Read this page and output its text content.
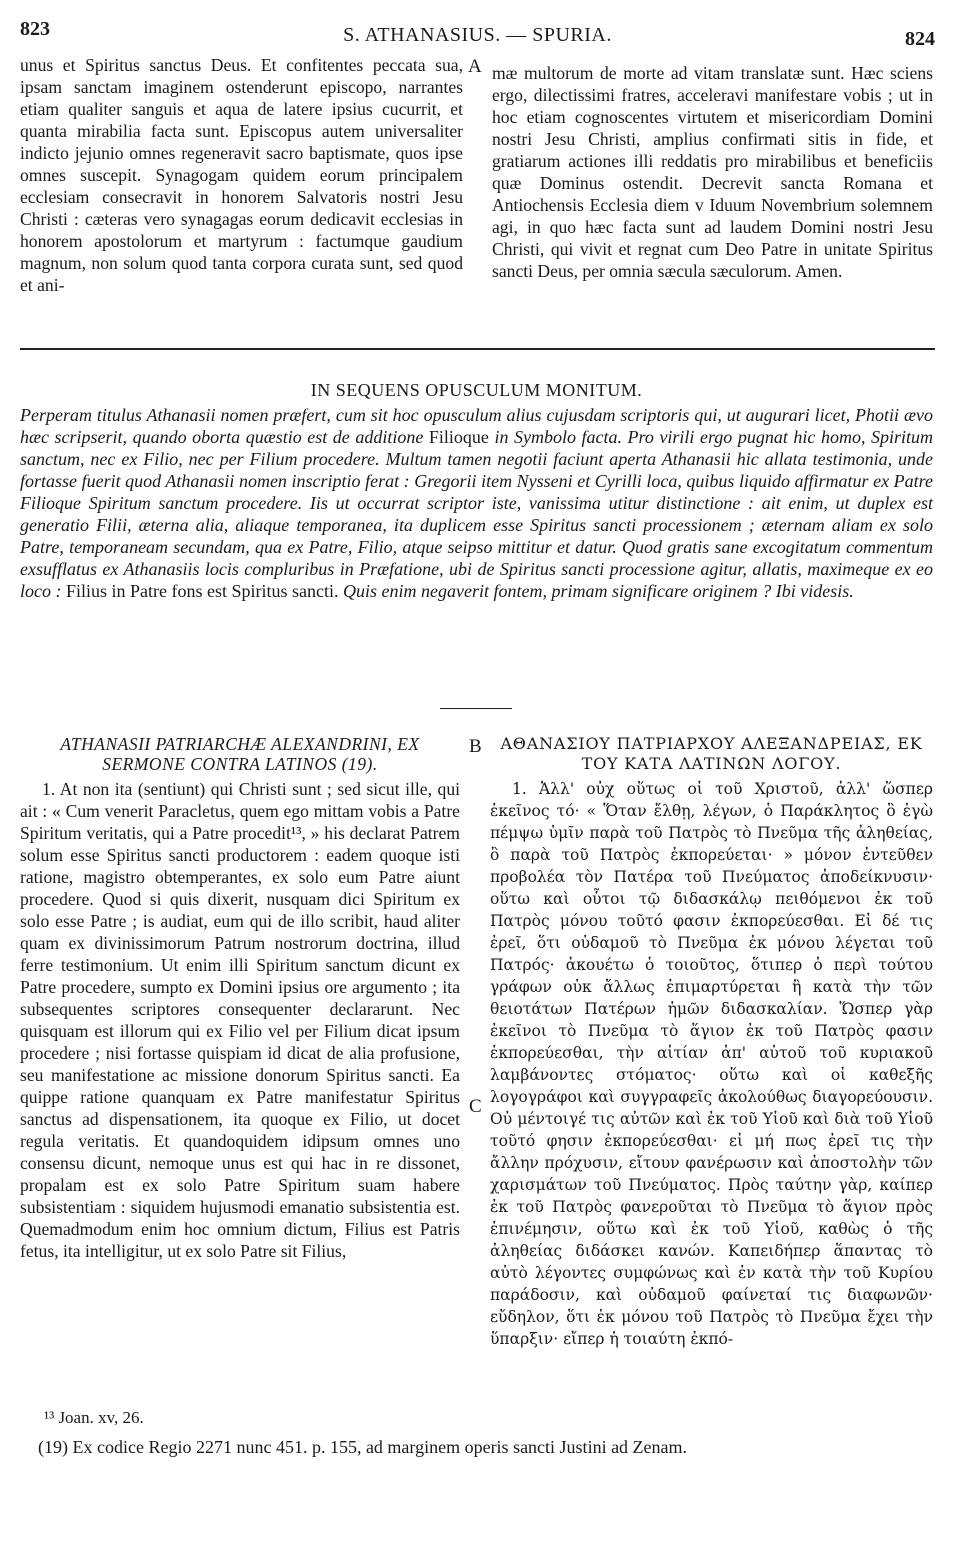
823	S. ATHANASIUS. — SPURIA.	824

unus et Spiritus sanctus Deus. Et confitentes peccata sua, ipsam sanctam imaginem ostenderunt episcopo, narrantes etiam qualiter sanguis et aqua de latere ipsius cucurrit, et quanta mirabilia facta sunt. Episcopus autem universaliter indicto jejunio omnes regeneravit sacro baptismate, quos ipse omnes suscepit. Synagogam quidem eorum principalem ecclesiam consecravit in honorem Salvatoris nostri Jesu Christi : cæteras vero synagagas eorum dedicavit ecclesias in honorem apostolorum et martyrum : factumque gaudium magnum, non solum quod tanta corpora curata sunt, sed quod et ani-

A mæ multorum de morte ad vitam translatæ sunt. Hæc sciens ergo, dilectissimi fratres, acceleravi manifestare vobis ; ut in hoc etiam cognoscentes virtutem et misericordiam Domini nostri Jesu Christi, amplius confirmati sitis in fide, et gratiarum actiones illi reddatis pro mirabilibus et beneficiis quæ Dominus ostendit. Decrevit sancta Romana et Antiochensis Ecclesia diem v Iduum Novembrium solemnem agi, in quo hæc facta sunt ad laudem Domini nostri Jesu Christi, qui vivit et regnat cum Deo Patre in unitate Spiritus sancti Deus, per omnia sæcula sæculorum. Amen.

IN SEQUENS OPUSCULUM MONITUM.
Perperam titulus Athanasii nomen præfert, cum sit hoc opusculum alius cujusdam scriptoris qui, ut augurari licet, Photii ævo hæc scripserit, quando oborta quæstio est de additione Filioque in Symbolo facta. Pro virili ergo pugnat hic homo, Spiritum sanctum, nec ex Filio, nec per Filium procedere. Multum tamen negotii faciunt aperta Athanasii hic allata testimonia, unde fortasse fuerit quod Athanasii nomen inscriptio ferat : Gregorii item Nysseni et Cyrilli loca, quibus liquido affirmatur ex Patre Filioque Spiritum sanctum procedere. Iis ut occurrat scriptor iste, vanissima utitur distinctione : ait enim, ut duplex est generatio Filii, æterna alia, aliaque temporanea, ita duplicem esse Spiritus sancti processionem ; æternam aliam ex solo Patre, temporaneam secundam, qua ex Patre, Filio, atque seipso mittitur et datur. Quod gratis sane excogitatum commentum exsufflatus ex Athanasiis locis compluribus in Præfatione, ubi de Spiritus sancti processione agitur, allatis, maximeque ex eo loco : Filius in Patre fons est Spiritus sancti. Quis enim negaverit fontem, primam significare originem ? Ibi videsis.
ATHANASII PATRIARCHÆ ALEXANDRINI, EX SERMONE CONTRA LATINOS (19).

1. At non ita (sentiunt) qui Christi sunt ; sed sicut ille, qui ait : « Cum venerit Paracletus, quem ego mittam vobis a Patre Spiritum veritatis, qui a Patre procedit¹³, » his declarat Patrem solum esse Spiritus sancti productorem : eadem quoque isti ratione, magistro obtemperantes, ex solo eum Patre aiunt procedere. Quod si quis dixerit, nusquam dici Spiritum ex solo esse Patre ; is audiat, eum qui de illo scribit, haud aliter quam ex divinissimorum Patrum nostrorum doctrina, illud ferre testimonium. Ut enim illi Spiritum sanctum dicunt ex Patre procedere, sumpto ex Domini ipsius ore argumento ; ita subsequentes scriptores consequenter declararunt. Nec quisquam est illorum qui ex Filio vel per Filium dicat ipsum procedere ; nisi fortasse quispiam id dicat de alia profusione, seu manifestatione ac missione donorum Spiritus sancti. Ea quippe ratione quanquam ex Patre manifestatur Spiritus sanctus ad dispensationem, ita quoque ex Filio, ut docet regula veritatis. Et quandoquidem idipsum omnes uno consensu dicunt, nemoque unus est qui hac in re dissonet, propalam est ex solo Patre Spiritum suam habere subsistentiam : siquidem hujusmodi emanatio subsistentia est. Quemadmodum enim hoc omnium dictum, Filius est Patris fetus, ita intelligitur, ut ex solo Patre sit Filius,

B
C
ΑΘΑΝΑΣΙΟΥ ΠΑΤΡΙΑΡΧΟΥ ΑΛΕΞΑΝΔΡΕΙΑΣ, ΕΚ ΤΟΥ ΚΑΤΑ ΛΑΤΙΝΩΝ ΛΟΓΟΥ.

1. Ἀλλ' οὐχ οὕτως οἱ τοῦ Χριστοῦ, ἀλλ' ὥσπερ ἐκεῖνος τό· « Ὅταν ἔλθῃ, λέγων, ὁ Παράκλητος ὃ ἐγὼ πέμψω ὑμῖν παρὰ τοῦ Πατρὸς τὸ Πνεῦμα τῆς ἀληθείας, ὃ παρὰ τοῦ Πατρὸς ἐκπορεύεται· » μόνον ἐντεῦθεν προβολέα τὸν Πατέρα τοῦ Πνεύματος ἀποδείκνυσιν· οὕτω καὶ οὗτοι τῷ διδασκάλῳ πειθόμενοι ἐκ τοῦ Πατρὸς μόνου τοῦτό φασιν ἐκπορεύεσθαι. Εἰ δέ τις ἐρεῖ, ὅτι οὐδαμοῦ τὸ Πνεῦμα ἐκ μόνου λέγεται τοῦ Πατρός· ἀκουέτω ὁ τοιοῦτος, ὅτιπερ ὁ περὶ τούτου γράφων οὐκ ἄλλως ἐπιμαρτύρεται ἢ κατὰ τὴν τῶν θειοτάτων Πατέρων ἡμῶν διδασκαλίαν. Ὥσπερ γὰρ ἐκεῖνοι τὸ Πνεῦμα τὸ ἅγιον ἐκ τοῦ Πατρὸς φασιν ἐκπορεύεσθαι, τὴν αἰτίαν ἀπ' αὐτοῦ τοῦ κυριακοῦ λαμβάνοντες στόματος· οὕτω καὶ οἱ καθεξῆς λογογράφοι καὶ συγγραφεῖς ἀκολούθως διαγορεύουσιν. Οὐ μέντοιγέ τις αὐτῶν καὶ ἐκ τοῦ Υἱοῦ καὶ διὰ τοῦ Υἱοῦ τοῦτό φησιν ἐκπορεύεσθαι· εἰ μή πως ἐρεῖ τις τὴν ἄλλην πρόχυσιν, εἴτουν φανέρωσιν καὶ ἀποστολὴν τῶν χαρισμάτων τοῦ Πνεύματος. Πρὸς ταύτην γὰρ, καίπερ ἐκ τοῦ Πατρὸς φανεροῦται τὸ Πνεῦμα τὸ ἅγιον πρὸς ἐπινέμησιν, οὕτω καὶ ἐκ τοῦ Υἱοῦ, καθὼς ὁ τῆς ἀληθείας διδάσκει κανών. Καπειδήπερ ἅπαντας τὸ αὐτὸ λέγοντες συμφώνως καὶ ἐν κατὰ τὴν τοῦ Κυρίου παράδοσιν, καὶ οὐδαμοῦ φαίνεταί τις διαφωνῶν· εὔδηλον, ὅτι ἐκ μόνου τοῦ Πατρὸς τὸ Πνεῦμα ἔχει τὴν ὕπαρξιν· εἴπερ ἡ τοιαύτη ἐκπό-

¹³ Joan. xv, 26.
(19) Ex codice Regio 2271 nunc 451. p. 155, ad marginem operis sancti Justini ad Zenam.
